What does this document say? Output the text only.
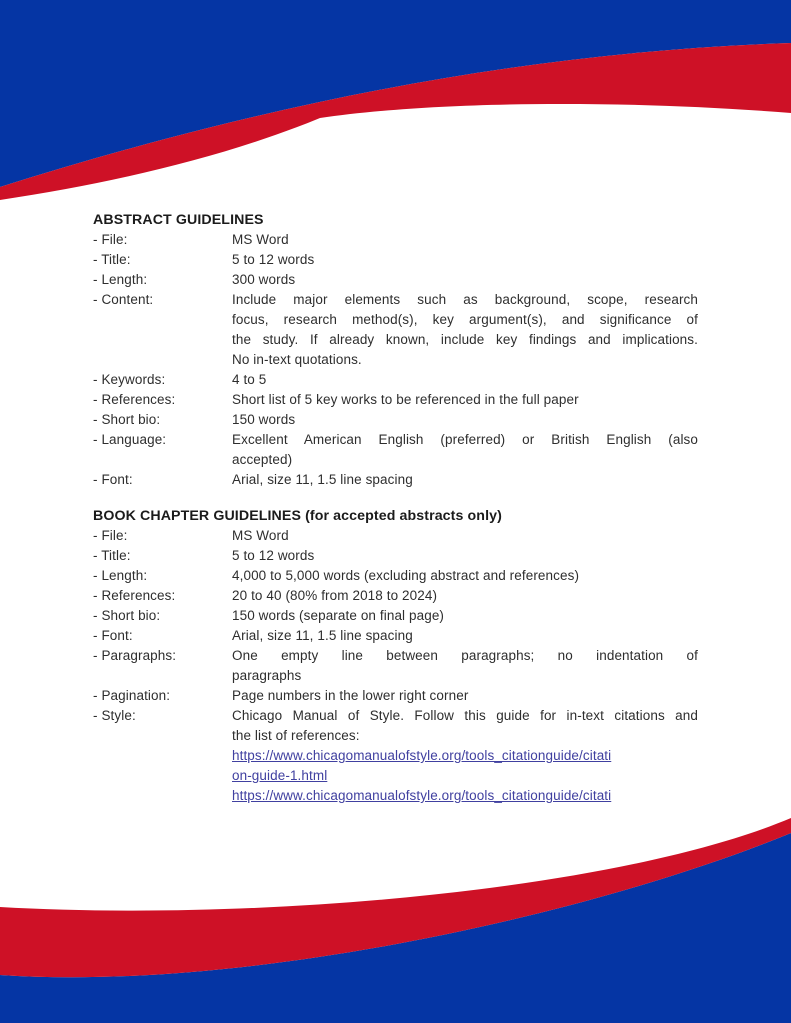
ABSTRACT GUIDELINES
- File:	MS Word
- Title:	5 to 12 words
- Length:	300 words
- Content:	Include major elements such as background, scope, research
focus, research method(s), key argument(s), and significance of
the study. If already known, include key findings and implications.
No in-text quotations.
- Keywords:	4 to 5
- References:	Short list of 5 key works to be referenced in the full paper
- Short bio:	150 words
- Language:	Excellent American English (preferred) or British English (also
accepted)
- Font:	Arial, size 11, 1.5 line spacing
BOOK CHAPTER GUIDELINES (for accepted abstracts only)
- File:	MS Word
- Title:	5 to 12 words
- Length:	4,000 to 5,000 words (excluding abstract and references)
- References:	20 to 40 (80% from 2018 to 2024)
- Short bio:	150 words (separate on final page)
- Font:	Arial, size 11, 1.5 line spacing
- Paragraphs:	One empty line between paragraphs; no indentation of
paragraphs
- Pagination:	Page numbers in the lower right corner
- Style:	Chicago Manual of Style. Follow this guide for in-text citations and
the list of references:
https://www.chicagomanualofstyle.org/tools_citationguide/citati
on-guide-1.html
https://www.chicagomanualofstyle.org/tools_citationguide/citati
